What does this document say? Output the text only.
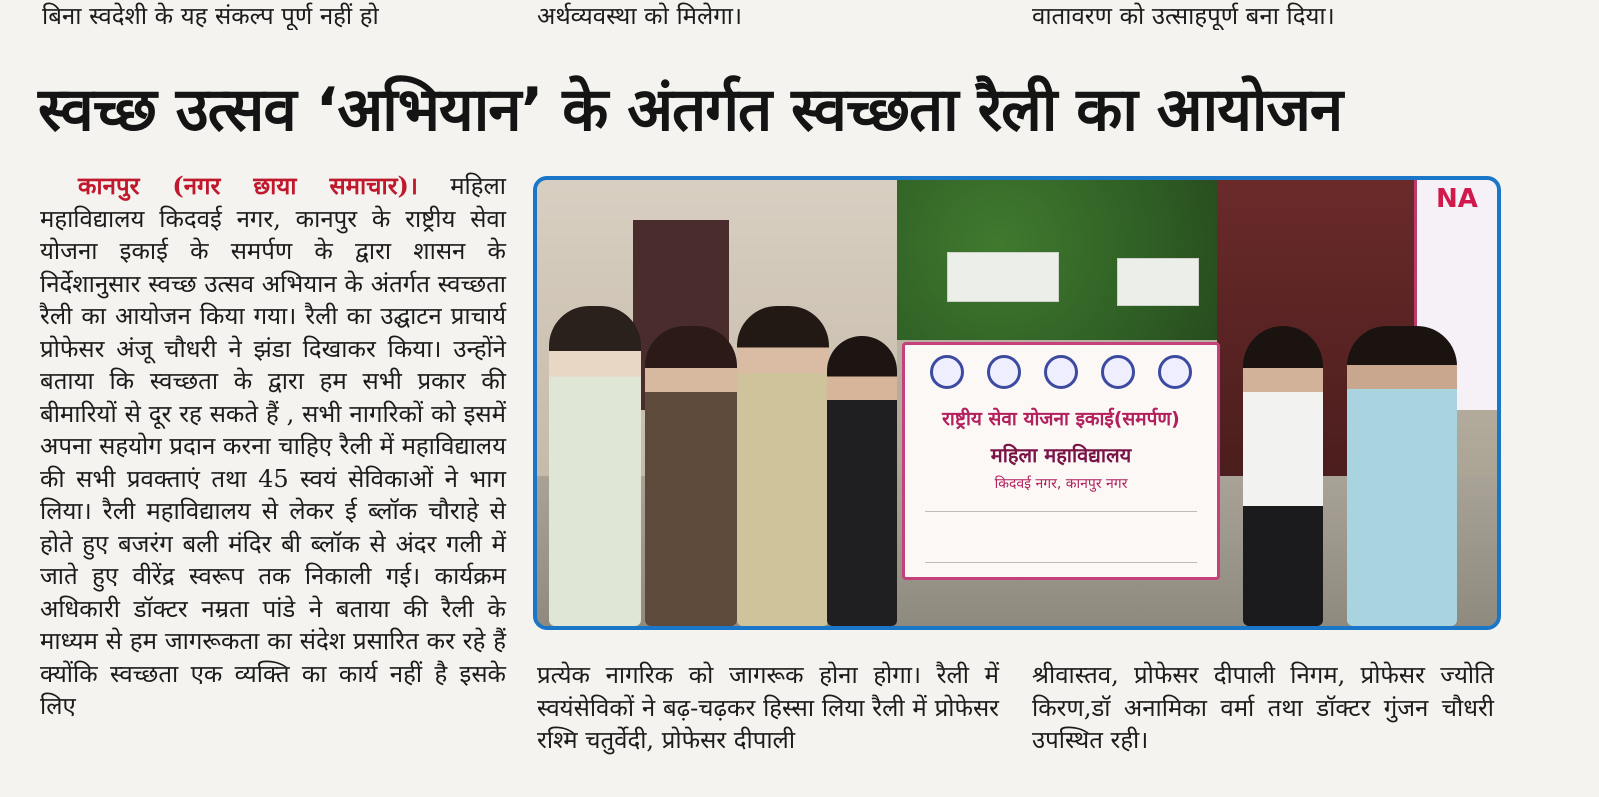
बिना स्वदेशी के यह संकल्प पूर्ण नहीं हो	अर्थव्यवस्था को मिलेगा।	वातावरण को उत्साहपूर्ण बना दिया।
स्वच्छ उत्सव ‘अभियान’ के अंतर्गत स्वच्छता रैली का आयोजन
कानपुर (नगर छाया समाचार)। महिला महाविद्यालय किदवई नगर, कानपुर के राष्ट्रीय सेवा योजना इकाई के समर्पण के द्वारा शासन के निर्देशानुसार स्वच्छ उत्सव अभियान के अंतर्गत स्वच्छता रैली का आयोजन किया गया। रैली का उद्घाटन प्राचार्य प्रोफेसर अंजू चौधरी ने झंडा दिखाकर किया। उन्होंने बताया कि स्वच्छता के द्वारा हम सभी प्रकार की बीमारियों से दूर रह सकते हैं , सभी नागरिकों को इसमें अपना सहयोग प्रदान करना चाहिए रैली में महाविद्यालय की सभी प्रवक्ताएं तथा 45 स्वयं सेविकाओं ने भाग लिया। रैली महाविद्यालय से लेकर ई ब्लॉक चौराहे से होते हुए बजरंग बली मंदिर बी ब्लॉक से अंदर गली में जाते हुए वीरेंद्र स्वरूप तक निकाली गई। कार्यक्रम अधिकारी डॉक्टर नम्रता पांडे ने बताया की रैली के माध्यम से हम जागरूकता का संदेश प्रसारित कर रहे हैं क्योंकि स्वच्छता एक व्यक्ति का कार्य नहीं है इसके लिए
NA
राष्ट्रीय सेवा योजना इकाई(समर्पण)
महिला महाविद्यालय
किदवई नगर, कानपुर नगर
प्रत्येक नागरिक को जागरूक होना होगा। रैली में स्वयंसेविकों ने बढ़-चढ़कर हिस्सा लिया रैली में प्रोफेसर रश्मि चतुर्वेदी, प्रोफेसर दीपाली
श्रीवास्तव, प्रोफेसर दीपाली निगम, प्रोफेसर ज्योति किरण,डॉ अनामिका वर्मा तथा डॉक्टर गुंजन चौधरी उपस्थित रही।
